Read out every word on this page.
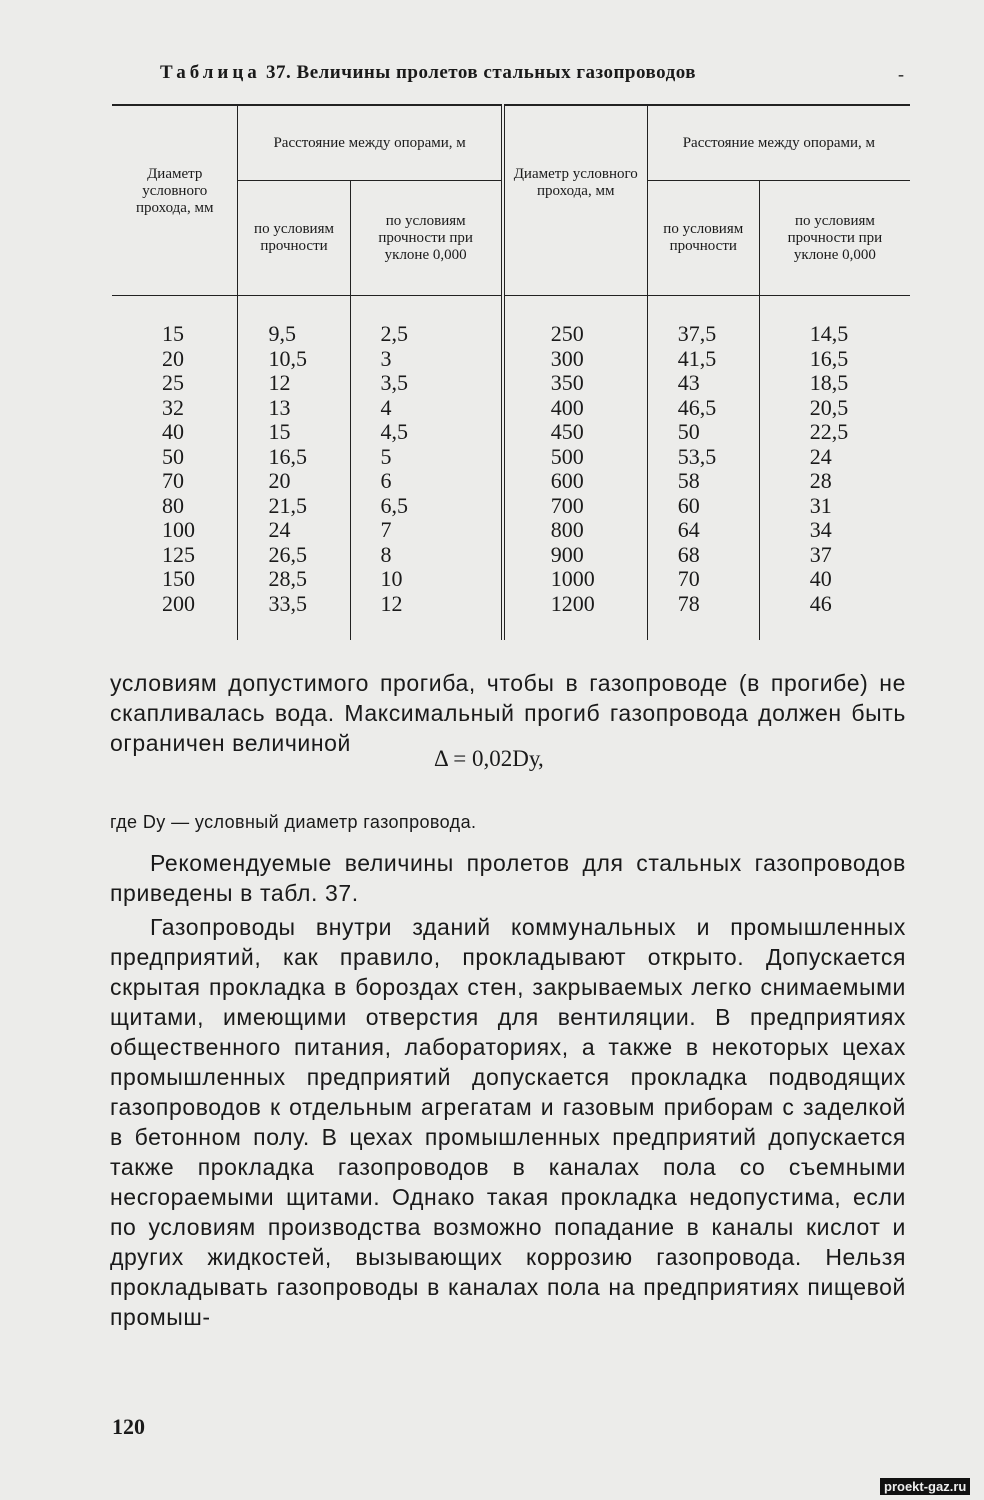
Таблица 37. Величины пролетов стальных газопроводов	-
Диаметр условного прохода, мм	Расстояние между опорами, м		Диаметр условного прохода, мм	Расстояние между опорами, м	
	по условиям прочности	по условиям прочности при уклоне 0,000		по условиям прочности	по условиям прочности при уклоне 0,000
15	9,5	2,5	250	37,5	14,5
20	10,5	3	300	41,5	16,5
25	12	3,5	350	43	18,5
32	13	4	400	46,5	20,5
40	15	4,5	450	50	22,5
50	16,5	5	500	53,5	24
70	20	6	600	58	28
80	21,5	6,5	700	60	31
100	24	7	800	64	34
125	26,5	8	900	68	37
150	28,5	10	1000	70	40
200	33,5	12	1200	78	46
условиям допустимого прогиба, чтобы в газопроводе (в прогибе) не скапливалась вода. Максимальный прогиб газопровода должен быть ограничен величиной
Δ = 0,02Dу,
где Dу — условный диаметр газопровода.
Рекомендуемые величины пролетов для стальных газопроводов приведены в табл. 37.
Газопроводы внутри зданий коммунальных и промышленных предприятий, как правило, прокладывают открыто. Допускается скрытая прокладка в бороздах стен, закрываемых легко снимаемыми щитами, имеющими отверстия для вентиляции. В предприятиях общественного питания, лабораториях, а также в некоторых цехах промышленных предприятий допускается прокладка подводящих газопроводов к отдельным агрегатам и газовым приборам с заделкой в бетонном полу. В цехах промышленных предприятий допускается также прокладка газопроводов в каналах пола со съемными несгораемыми щитами. Однако такая прокладка недопустима, если по условиям производства возможно попадание в каналы кислот и других жидкостей, вызывающих коррозию газопровода. Нельзя прокладывать газопроводы в каналах пола на предприятиях пищевой промыш-
120
proekt-gaz.ru
